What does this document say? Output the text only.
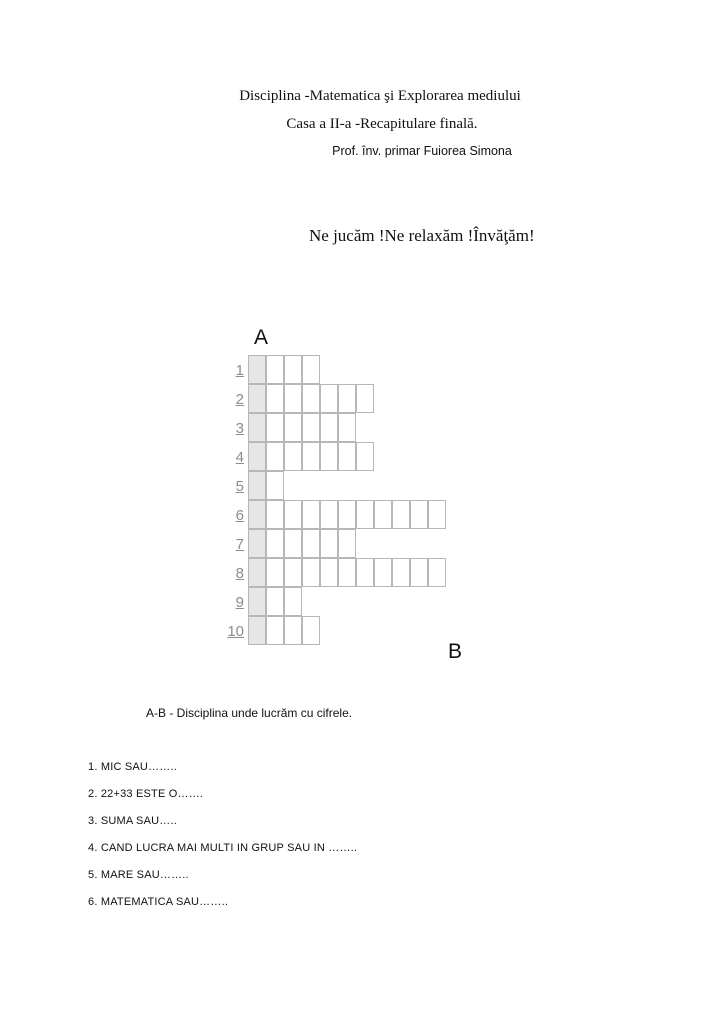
Disciplina -Matematica şi Explorarea mediului
Casa a II-a -Recapitulare finală.
Prof. înv. primar Fuiorea Simona
Ne jucăm !Ne relaxăm !Învăţăm!
A
B
1
2
3
4
5
6
7
8
9
10
A-B - Disciplina unde lucrăm cu cifrele.
1. MIC SAU……..
2. 22+33 ESTE O…….
3. SUMA SAU…..
4. CAND LUCRA MAI MULTI IN GRUP SAU IN ……..
5. MARE SAU……..
6. MATEMATICA SAU……..
